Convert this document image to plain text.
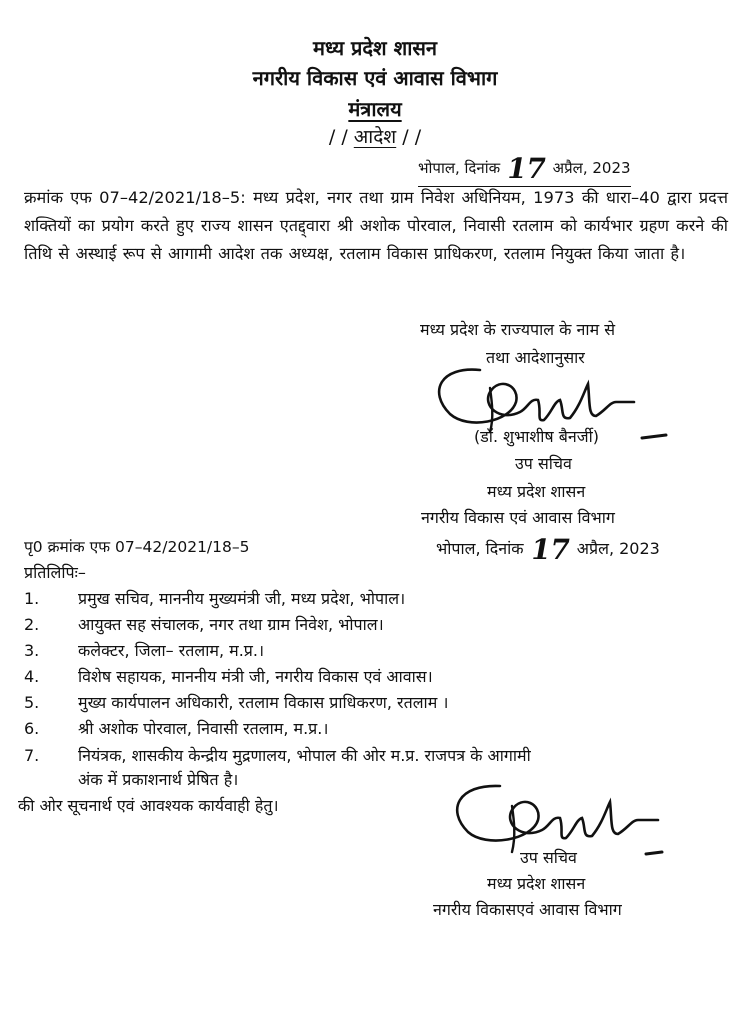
मध्य प्रदेश शासन
नगरीय विकास एवं आवास विभाग
मंत्रालय
/ / आदेश / /
भोपाल, दिनांक 17 अप्रैल, 2023
क्रमांक एफ 07–42/2021/18–5: मध्य प्रदेश, नगर तथा ग्राम निवेश अधिनियम, 1973 की धारा–40 द्वारा प्रदत्त शक्तियों का प्रयोग करते हुए राज्य शासन एतद्द्वारा श्री अशोक पोरवाल, निवासी रतलाम को कार्यभार ग्रहण करने की तिथि से अस्थाई रूप से आगामी आदेश तक अध्यक्ष, रतलाम विकास प्राधिकरण, रतलाम नियुक्त किया जाता है।
मध्य प्रदेश के राज्यपाल के नाम से
तथा आदेशानुसार
(डॉ. शुभाशीष बैनर्जी)
उप सचिव
मध्य प्रदेश शासन
नगरीय विकास एवं आवास विभाग
पृ0 क्रमांक एफ 07–42/2021/18–5	भोपाल, दिनांक 17 अप्रैल, 2023
प्रतिलिपिः–
1. प्रमुख सचिव, माननीय मुख्यमंत्री जी, मध्य प्रदेश, भोपाल।
2. आयुक्त सह संचालक, नगर तथा ग्राम निवेश, भोपाल।
3. कलेक्टर, जिला– रतलाम, म.प्र.।
4. विशेष सहायक, माननीय मंत्री जी, नगरीय विकास एवं आवास।
5. मुख्य कार्यपालन अधिकारी, रतलाम विकास प्राधिकरण, रतलाम ।
6. श्री अशोक पोरवाल, निवासी रतलाम, म.प्र.।
7. नियंत्रक, शासकीय केन्द्रीय मुद्रणालय, भोपाल की ओर म.प्र. राजपत्र के आगामी
अंक में प्रकाशनार्थ प्रेषित है।
की ओर सूचनार्थ एवं आवश्यक कार्यवाही हेतु।
उप सचिव
मध्य प्रदेश शासन
नगरीय विकासएवं आवास विभाग
